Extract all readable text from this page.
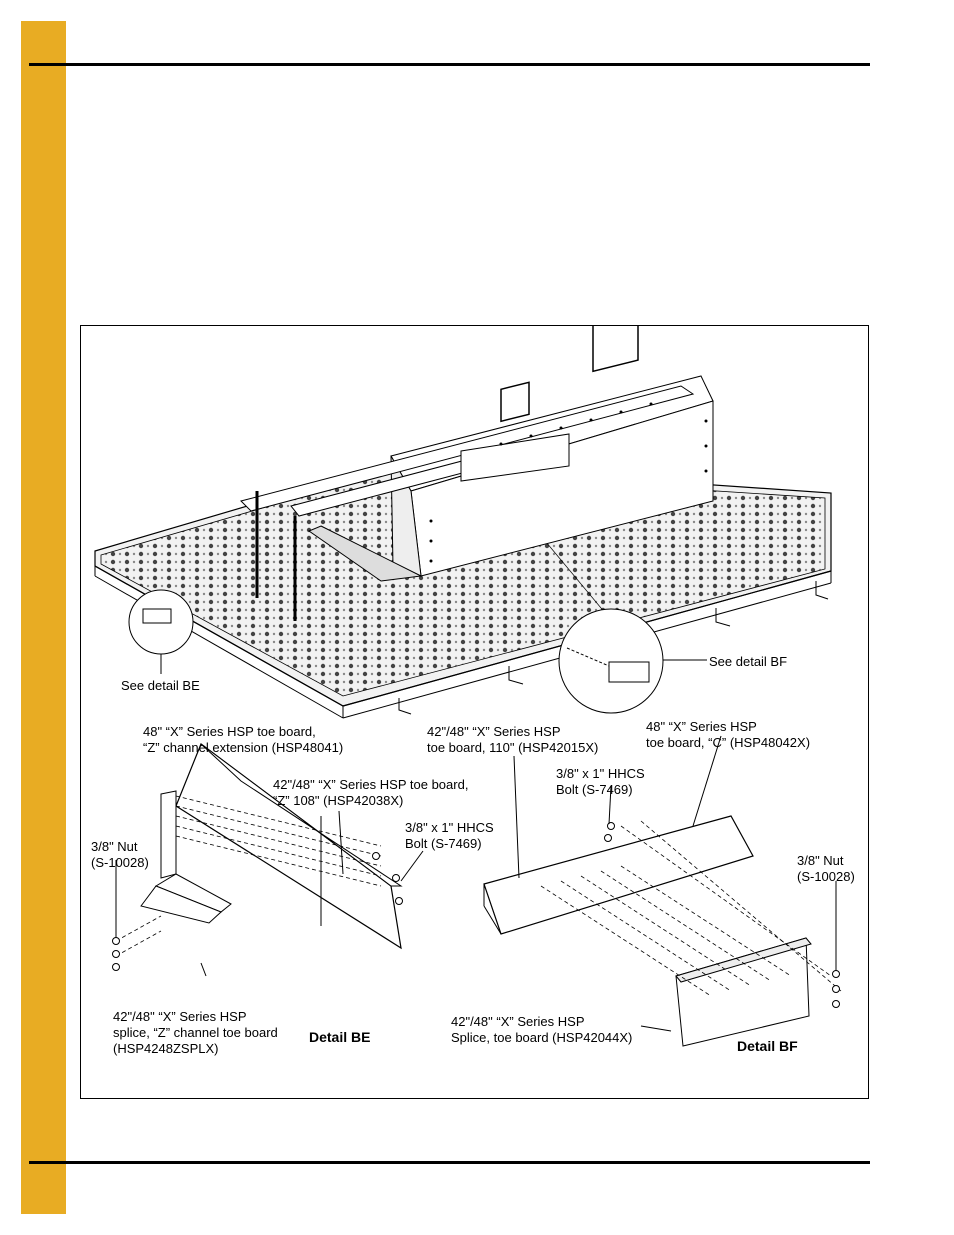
See detail BE
See detail BF
48" “X” Series HSP toe board,
“Z” channel extension (HSP48041)
42"/48" “X” Series HSP toe board,
“Z” 108" (HSP42038X)
3/8" x 1" HHCS
Bolt (S-7469)
3/8" Nut
(S-10028)
42"/48" “X” Series HSP
splice, “Z” channel toe board
(HSP4248ZSPLX)
Detail BE
42"/48" “X” Series HSP
toe board, 110" (HSP42015X)
48" “X” Series HSP
toe board, “C” (HSP48042X)
3/8" x 1" HHCS
Bolt (S-7469)
3/8" Nut
(S-10028)
42"/48" “X” Series HSP
Splice, toe board (HSP42044X)
Detail BF
